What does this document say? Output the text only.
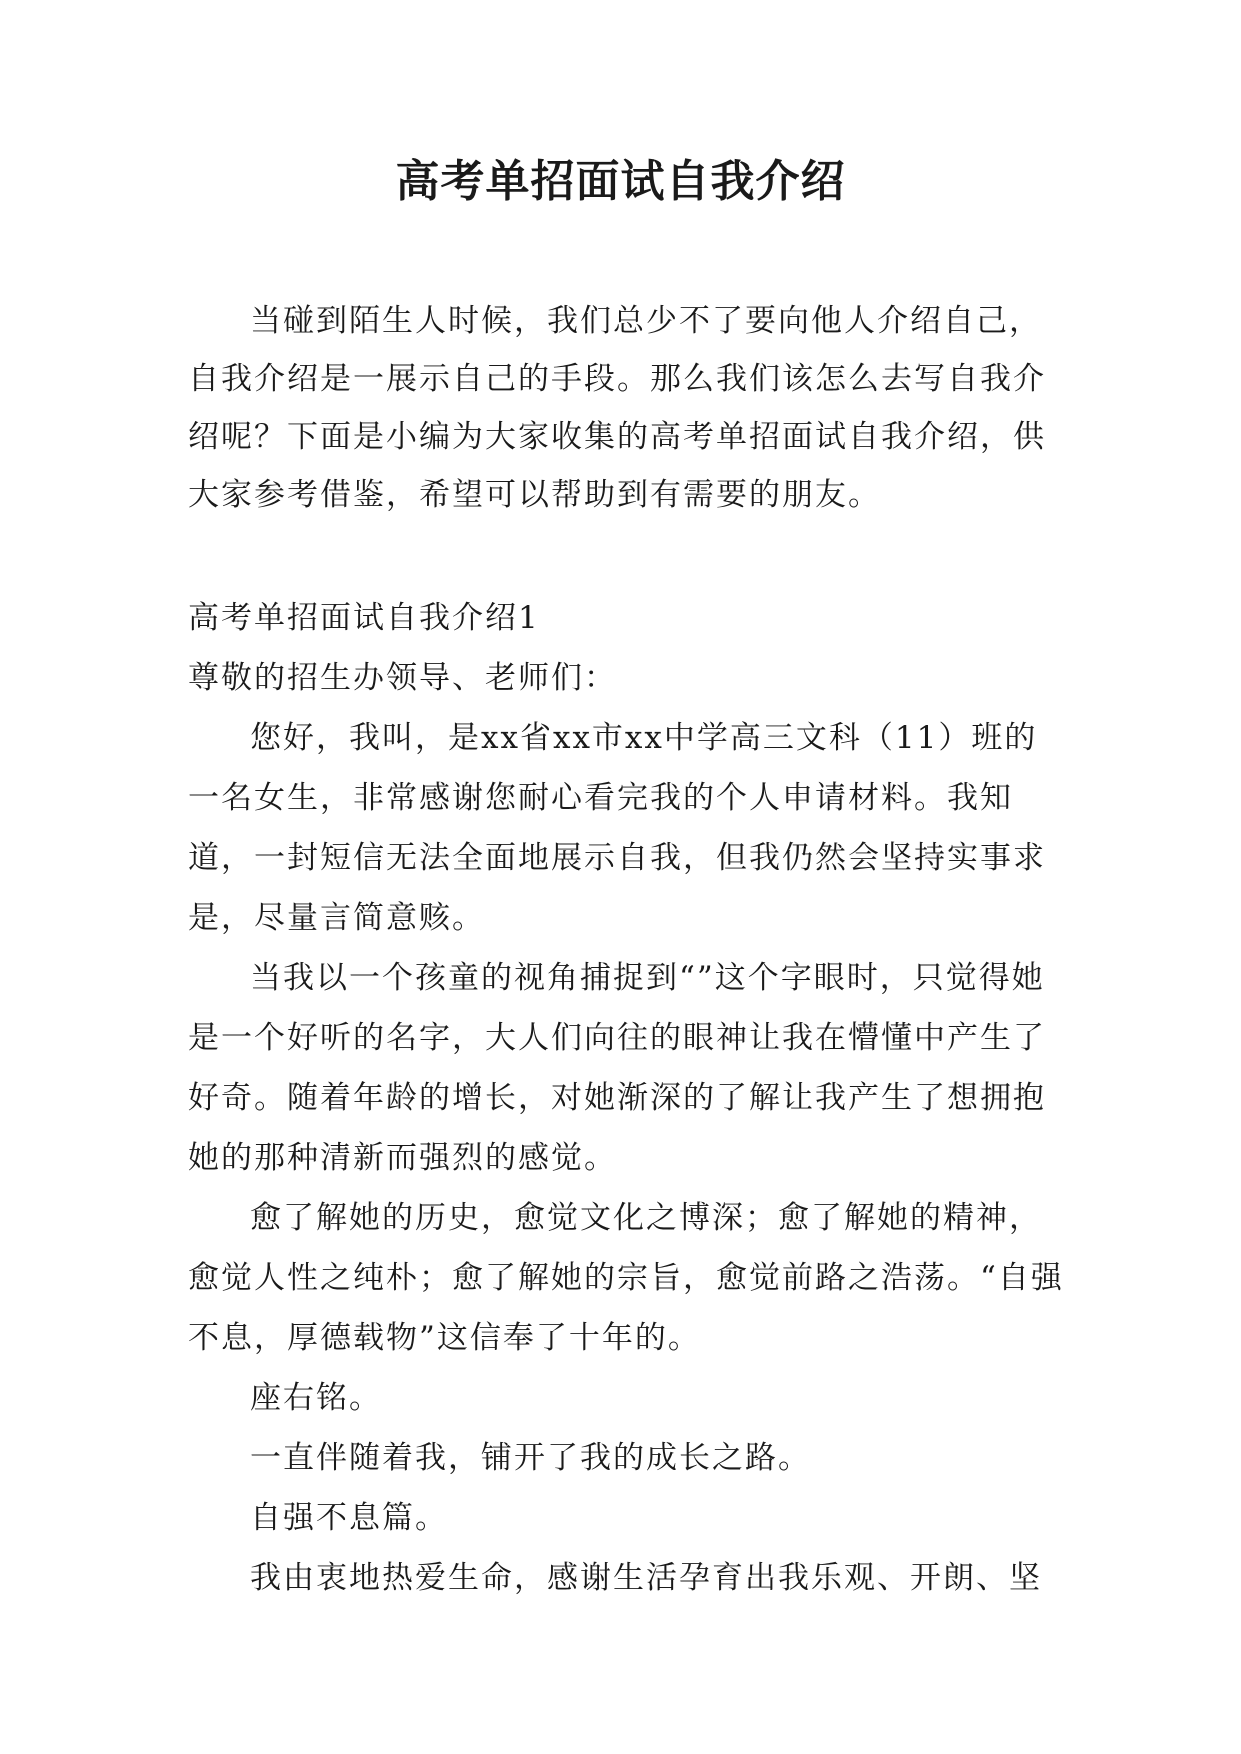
高考单招面试自我介绍

当碰到陌生人时候，我们总少不了要向他人介绍自己，自我介绍是一展示自己的手段。那么我们该怎么去写自我介绍呢？下面是小编为大家收集的高考单招面试自我介绍，供大家参考借鉴，希望可以帮助到有需要的朋友。

高考单招面试自我介绍1

尊敬的招生办领导、老师们：

您好，我叫，是xx省xx市xx中学高三文科（11）班的一名女生，非常感谢您耐心看完我的个人申请材料。我知道，一封短信无法全面地展示自我，但我仍然会坚持实事求是，尽量言简意赅。

当我以一个孩童的视角捕捉到“”这个字眼时，只觉得她是一个好听的名字，大人们向往的眼神让我在懵懂中产生了好奇。随着年龄的增长，对她渐深的了解让我产生了想拥抱她的那种清新而强烈的感觉。

愈了解她的历史，愈觉文化之博深；愈了解她的精神，愈觉人性之纯朴；愈了解她的宗旨，愈觉前路之浩荡。“自强不息，厚德载物”这信奉了十年的。

座右铭。

一直伴随着我，铺开了我的成长之路。

自强不息篇。

我由衷地热爱生命，感谢生活孕育出我乐观、开朗、坚
